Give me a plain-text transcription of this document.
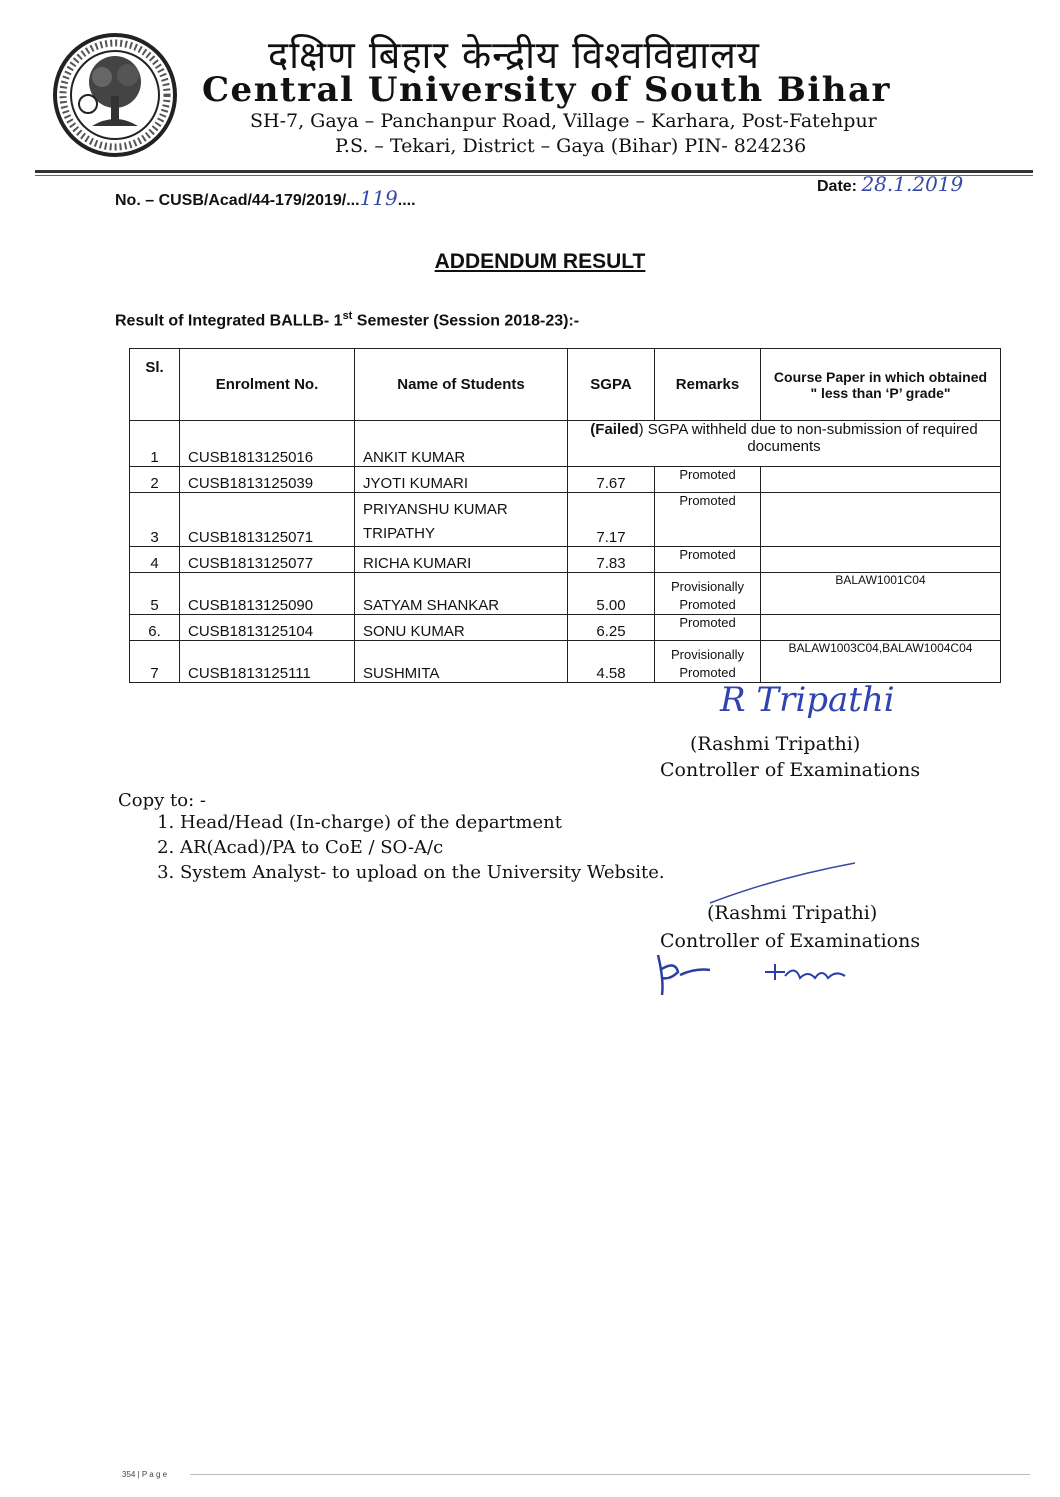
दक्षिण बिहार केन्द्रीय विश्वविद्यालय
Central University of South Bihar
SH-7, Gaya – Panchanpur Road, Village – Karhara, Post-Fatehpur
P.S. – Tekari, District – Gaya (Bihar) PIN- 824236
No. – CUSB/Acad/44-179/2019/...119....
Date: 28.1.2019
ADDENDUM RESULT
Result of Integrated BALLB- 1st Semester (Session 2018-23):-
Sl.	Enrolment No.	Name of Students	SGPA	Remarks	Course Paper in which obtained " less than ‘P’ grade"
1	CUSB1813125016	ANKIT KUMAR	(Failed) SGPA withheld due to non-submission of required documents		
2	CUSB1813125039	JYOTI KUMARI	7.67	Promoted	
3	CUSB1813125071	PRIYANSHU KUMAR TRIPATHY	7.17	Promoted	
4	CUSB1813125077	RICHA KUMARI	7.83	Promoted	
5	CUSB1813125090	SATYAM SHANKAR	5.00	Provisionally Promoted	BALAW1001C04
6.	CUSB1813125104	SONU KUMAR	6.25	Promoted	
7	CUSB1813125111	SUSHMITA	4.58	Provisionally Promoted	BALAW1003C04,BALAW1004C04
R Tripathi
(Rashmi Tripathi)
Controller of Examinations
Copy to: -
1. Head/Head (In-charge) of the department
2. AR(Acad)/PA to CoE / SO-A/c
3. System Analyst- to upload on the University Website.
(Rashmi Tripathi)
Controller of Examinations
354 | P a g e
